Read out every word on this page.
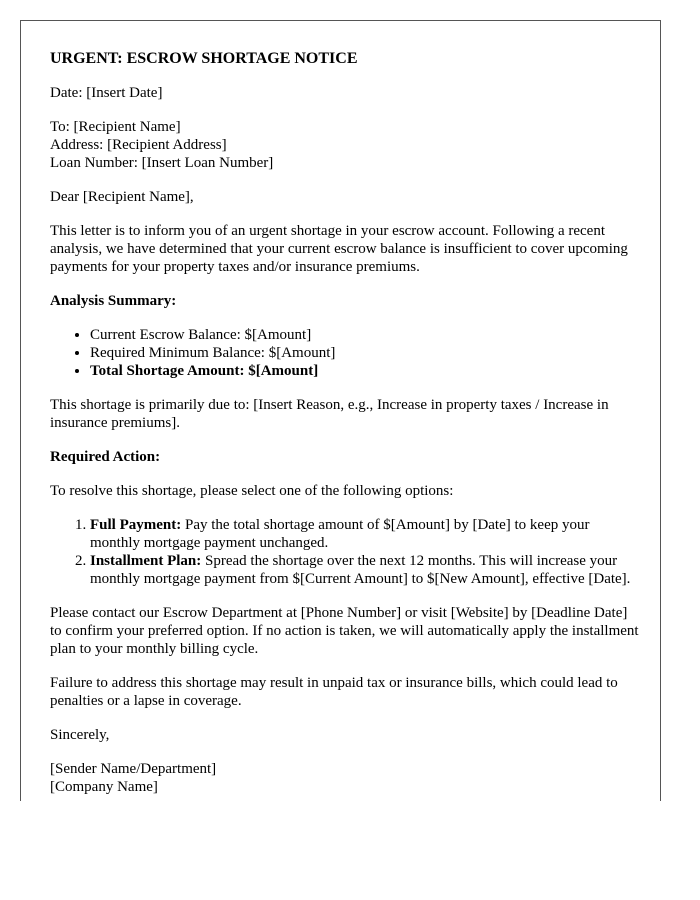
URGENT: ESCROW SHORTAGE NOTICE

Date: [Insert Date]

To: [Recipient Name]
Address: [Recipient Address]
Loan Number: [Insert Loan Number]

Dear [Recipient Name],

This letter is to inform you of an urgent shortage in your escrow account. Following a recent analysis, we have determined that your current escrow balance is insufficient to cover upcoming payments for your property taxes and/or insurance premiums.

Analysis Summary:
• Current Escrow Balance: $[Amount]
• Required Minimum Balance: $[Amount]
• Total Shortage Amount: $[Amount]

This shortage is primarily due to: [Insert Reason, e.g., Increase in property taxes / Increase in insurance premiums].

Required Action:

To resolve this shortage, please select one of the following options:

1. Full Payment: Pay the total shortage amount of $[Amount] by [Date] to keep your monthly mortgage payment unchanged.
2. Installment Plan: Spread the shortage over the next 12 months. This will increase your monthly mortgage payment from $[Current Amount] to $[New Amount], effective [Date].

Please contact our Escrow Department at [Phone Number] or visit [Website] by [Deadline Date] to confirm your preferred option. If no action is taken, we will automatically apply the installment plan to your monthly billing cycle.

Failure to address this shortage may result in unpaid tax or insurance bills, which could lead to penalties or a lapse in coverage.

Sincerely,

[Sender Name/Department]
[Company Name]
